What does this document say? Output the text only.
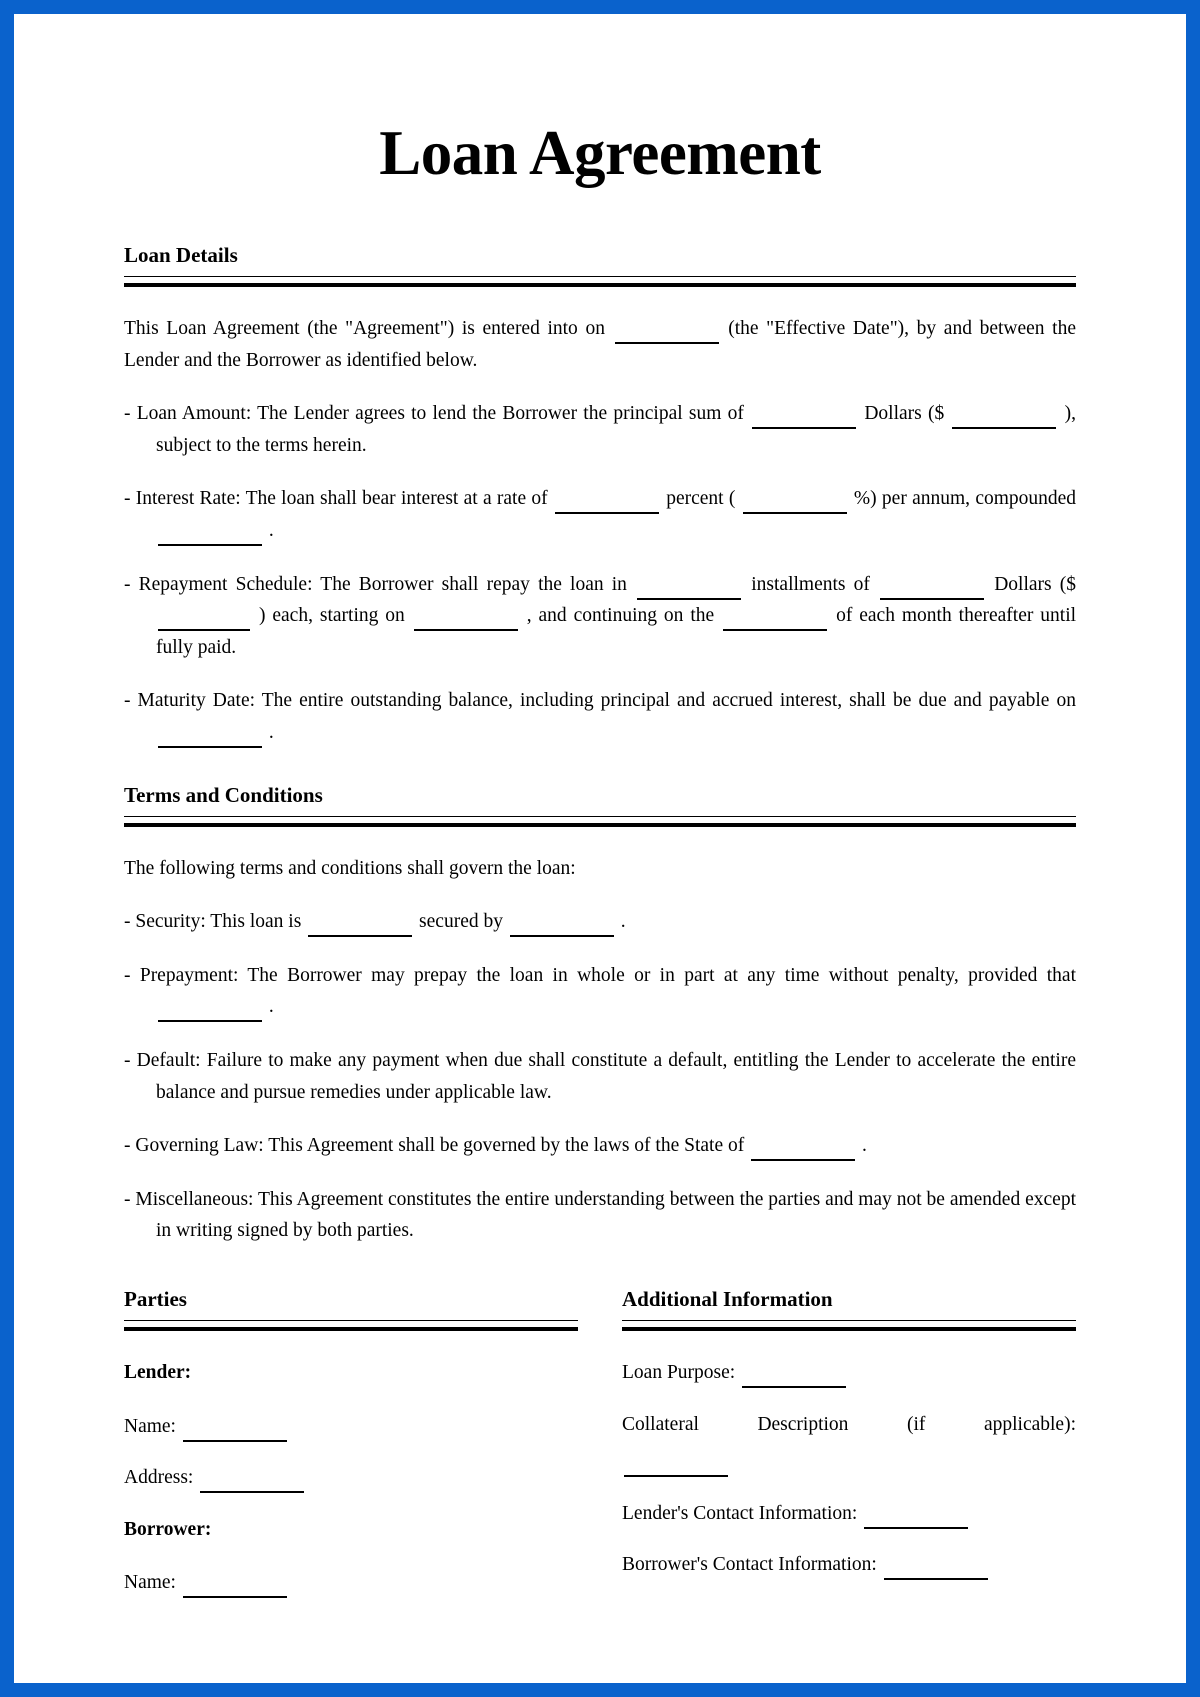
Loan Agreement
Loan Details

This Loan Agreement (the "Agreement") is entered into on	(the "Effective Date"), by and between the Lender and the Borrower as identified below.

- Loan Amount: The Lender agrees to lend the Borrower the principal sum of	Dollars ($	), subject to the terms herein.

- Interest Rate: The loan shall bear interest at a rate of	percent (	%) per annum, compounded  .

- Repayment Schedule: The Borrower shall repay the loan in	installments of	Dollars ($  ) each, starting on	, and continuing on the	of each month thereafter until fully paid.

- Maturity Date: The entire outstanding balance, including principal and accrued interest, shall be due and payable on  .

Terms and Conditions

The following terms and conditions shall govern the loan:

- Security: This loan is	secured by	.

- Prepayment: The Borrower may prepay the loan in whole or in part at any time without penalty, provided that  .

- Default: Failure to make any payment when due shall constitute a default, entitling the Lender to accelerate the entire balance and pursue remedies under applicable law.

- Governing Law: This Agreement shall be governed by the laws of the State of	.

- Miscellaneous: This Agreement constitutes the entire understanding between the parties and may not be amended except in writing signed by both parties.

Parties

Lender:

Name:

Address:

Borrower:

Name:

Additional Information

Loan Purpose:

Collateral Description (if applicable):

Lender's Contact Information:

Borrower's Contact Information:
